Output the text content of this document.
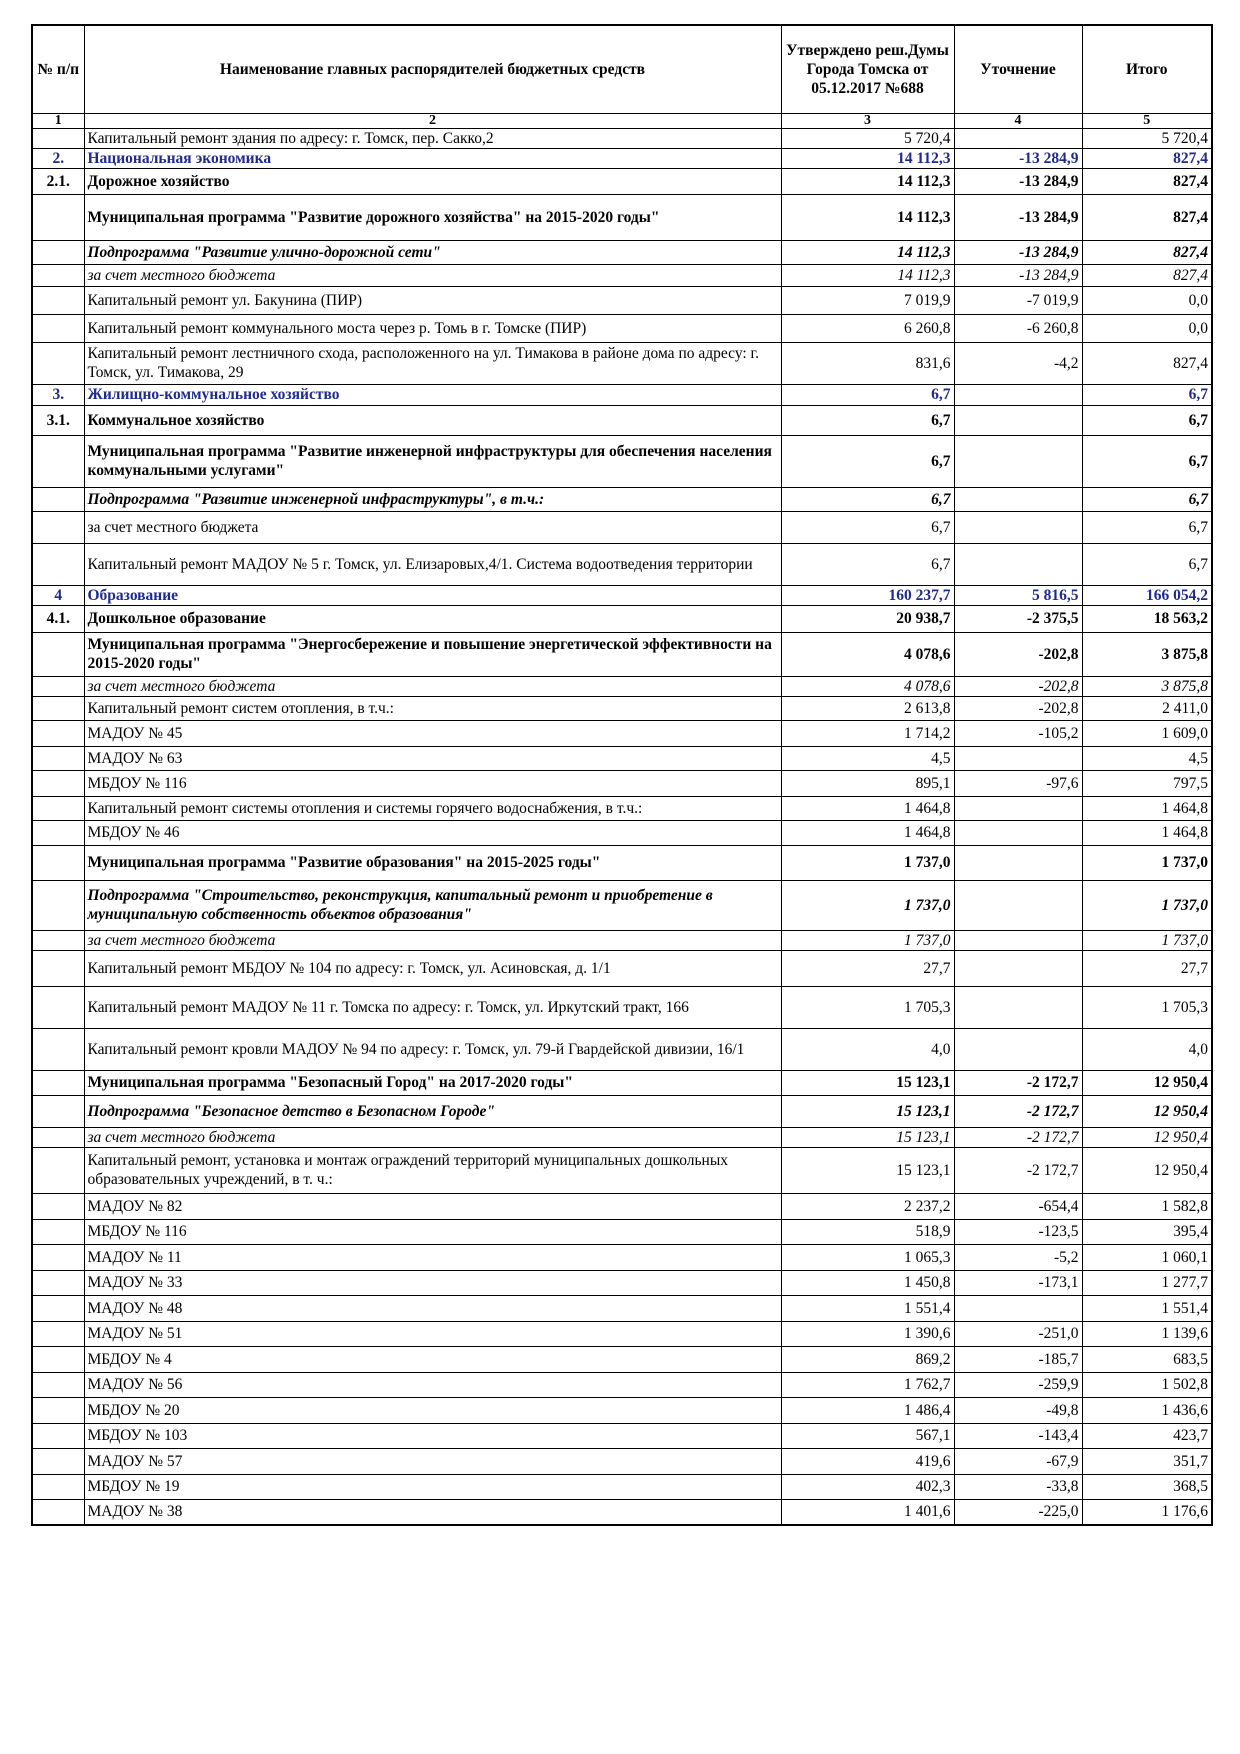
№ п/п	Наименование главных распорядителей бюджетных средств	Утверждено реш.Думы Города Томска от 05.12.2017 №688	Уточнение	Итого
1	2	3	4	5
	Капитальный ремонт здания по адресу: г. Томск, пер. Сакко,2	5 720,4		5 720,4
2.	Национальная экономика	14 112,3	-13 284,9	827,4
2.1.	Дорожное хозяйство	14 112,3	-13 284,9	827,4
	Муниципальная программа "Развитие дорожного хозяйства" на 2015-2020 годы"	14 112,3	-13 284,9	827,4
	Подпрограмма "Развитие улично-дорожной сети"	14 112,3	-13 284,9	827,4
	за счет местного бюджета	14 112,3	-13 284,9	827,4
	Капитальный ремонт ул. Бакунина (ПИР)	7 019,9	-7 019,9	0,0
	Капитальный ремонт коммунального моста через р. Томь в г. Томске (ПИР)	6 260,8	-6 260,8	0,0
	Капитальный ремонт лестничного схода, расположенного на ул. Тимакова в районе дома по адресу: г. Томск, ул. Тимакова, 29	831,6	-4,2	827,4
3.	Жилищно-коммунальное хозяйство	6,7		6,7
3.1.	Коммунальное хозяйство	6,7		6,7
	Муниципальная программа "Развитие инженерной инфраструктуры для обеспечения населения коммунальными услугами"	6,7		6,7
	Подпрограмма "Развитие инженерной инфраструктуры", в т.ч.:	6,7		6,7
	за счет местного бюджета	6,7		6,7
	Капитальный ремонт МАДОУ № 5 г. Томск, ул. Елизаровых,4/1. Система водоотведения территории	6,7		6,7
4	Образование	160 237,7	5 816,5	166 054,2
4.1.	Дошкольное образование	20 938,7	-2 375,5	18 563,2
	Муниципальная программа "Энергосбережение и повышение энергетической эффективности на 2015-2020 годы"	4 078,6	-202,8	3 875,8
	за счет местного бюджета	4 078,6	-202,8	3 875,8
	Капитальный ремонт систем отопления, в т.ч.:	2 613,8	-202,8	2 411,0
	МАДОУ № 45	1 714,2	-105,2	1 609,0
	МАДОУ № 63	4,5		4,5
	МБДОУ № 116	895,1	-97,6	797,5
	Капитальный ремонт системы отопления и системы горячего водоснабжения, в т.ч.:	1 464,8		1 464,8
	МБДОУ № 46	1 464,8		1 464,8
	Муниципальная программа "Развитие образования" на 2015-2025 годы"	1 737,0		1 737,0
	Подпрограмма "Строительство, реконструкция, капитальный ремонт и приобретение в муниципальную собственность объектов образования"	1 737,0		1 737,0
	за счет местного бюджета	1 737,0		1 737,0
	Капитальный ремонт МБДОУ № 104 по адресу: г. Томск, ул. Асиновская, д. 1/1	27,7		27,7
	Капитальный ремонт МАДОУ № 11 г. Томска по адресу: г. Томск, ул. Иркутский тракт, 166	1 705,3		1 705,3
	Капитальный ремонт кровли МАДОУ № 94 по адресу: г. Томск, ул. 79-й Гвардейской дивизии, 16/1	4,0		4,0
	Муниципальная программа "Безопасный Город" на 2017-2020 годы"	15 123,1	-2 172,7	12 950,4
	Подпрограмма "Безопасное детство в Безопасном Городе"	15 123,1	-2 172,7	12 950,4
	за счет местного бюджета	15 123,1	-2 172,7	12 950,4
	Капитальный ремонт, установка и монтаж ограждений территорий муниципальных дошкольных образовательных учреждений, в т. ч.:	15 123,1	-2 172,7	12 950,4
	МАДОУ № 82	2 237,2	-654,4	1 582,8
	МБДОУ № 116	518,9	-123,5	395,4
	МАДОУ № 11	1 065,3	-5,2	1 060,1
	МАДОУ № 33	1 450,8	-173,1	1 277,7
	МАДОУ № 48	1 551,4		1 551,4
	МАДОУ № 51	1 390,6	-251,0	1 139,6
	МБДОУ № 4	869,2	-185,7	683,5
	МАДОУ № 56	1 762,7	-259,9	1 502,8
	МБДОУ № 20	1 486,4	-49,8	1 436,6
	МБДОУ № 103	567,1	-143,4	423,7
	МАДОУ № 57	419,6	-67,9	351,7
	МБДОУ № 19	402,3	-33,8	368,5
	МАДОУ № 38	1 401,6	-225,0	1 176,6
